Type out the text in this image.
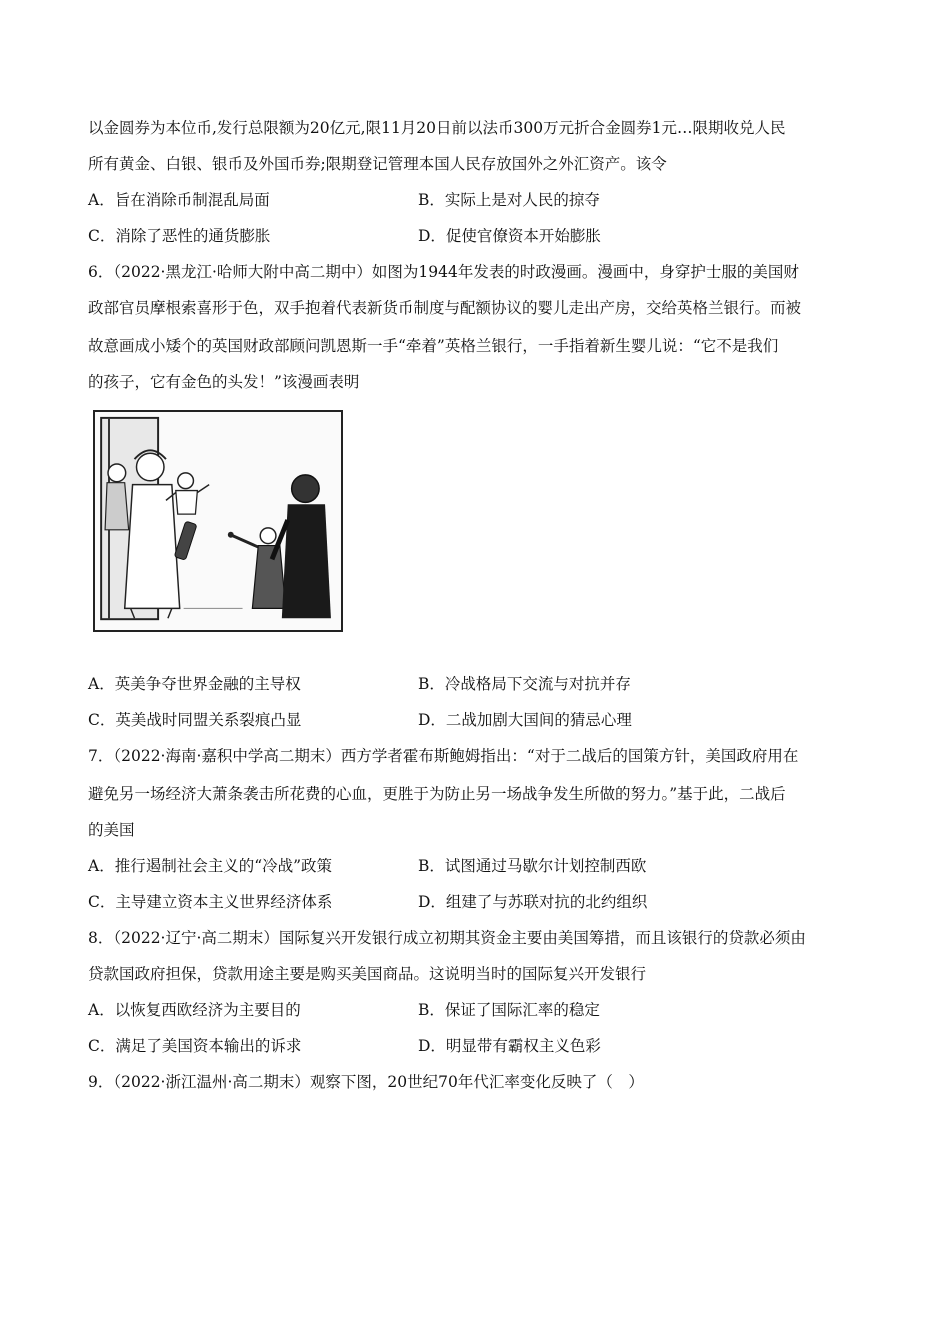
以金圆券为本位币,发行总限额为20亿元,限11月20日前以法币300万元折合金圆券1元…限期收兑人民
所有黄金、白银、银币及外国币券;限期登记管理本国人民存放国外之外汇资产。该令
A．旨在消除币制混乱局面	B．实际上是对人民的掠夺
C．消除了恶性的通货膨胀	D．促使官僚资本开始膨胀
6．（2022·黑龙江·哈师大附中高二期中）如图为1944年发表的时政漫画。漫画中，身穿护士服的美国财
政部官员摩根索喜形于色，双手抱着代表新货币制度与配额协议的婴儿走出产房，交给英格兰银行。而被
故意画成小矮个的英国财政部顾问凯恩斯一手“牵着”英格兰银行，一手指着新生婴儿说：“它不是我们
的孩子，它有金色的头发！”该漫画表明
A．英美争夺世界金融的主导权	B．冷战格局下交流与对抗并存
C．英美战时同盟关系裂痕凸显	D．二战加剧大国间的猜忌心理
7．（2022·海南·嘉积中学高二期末）西方学者霍布斯鲍姆指出：“对于二战后的国策方针，美国政府用在
避免另一场经济大萧条袭击所花费的心血，更胜于为防止另一场战争发生所做的努力。”基于此，二战后
的美国
A．推行遏制社会主义的“冷战”政策	B．试图通过马歇尔计划控制西欧
C．主导建立资本主义世界经济体系	D．组建了与苏联对抗的北约组织
8．（2022·辽宁·高二期末）国际复兴开发银行成立初期其资金主要由美国筹措，而且该银行的贷款必须由
贷款国政府担保，贷款用途主要是购买美国商品。这说明当时的国际复兴开发银行
A．以恢复西欧经济为主要目的	B．保证了国际汇率的稳定
C．满足了美国资本输出的诉求	D．明显带有霸权主义色彩
9．（2022·浙江温州·高二期末）观察下图，20世纪70年代汇率变化反映了（　）
